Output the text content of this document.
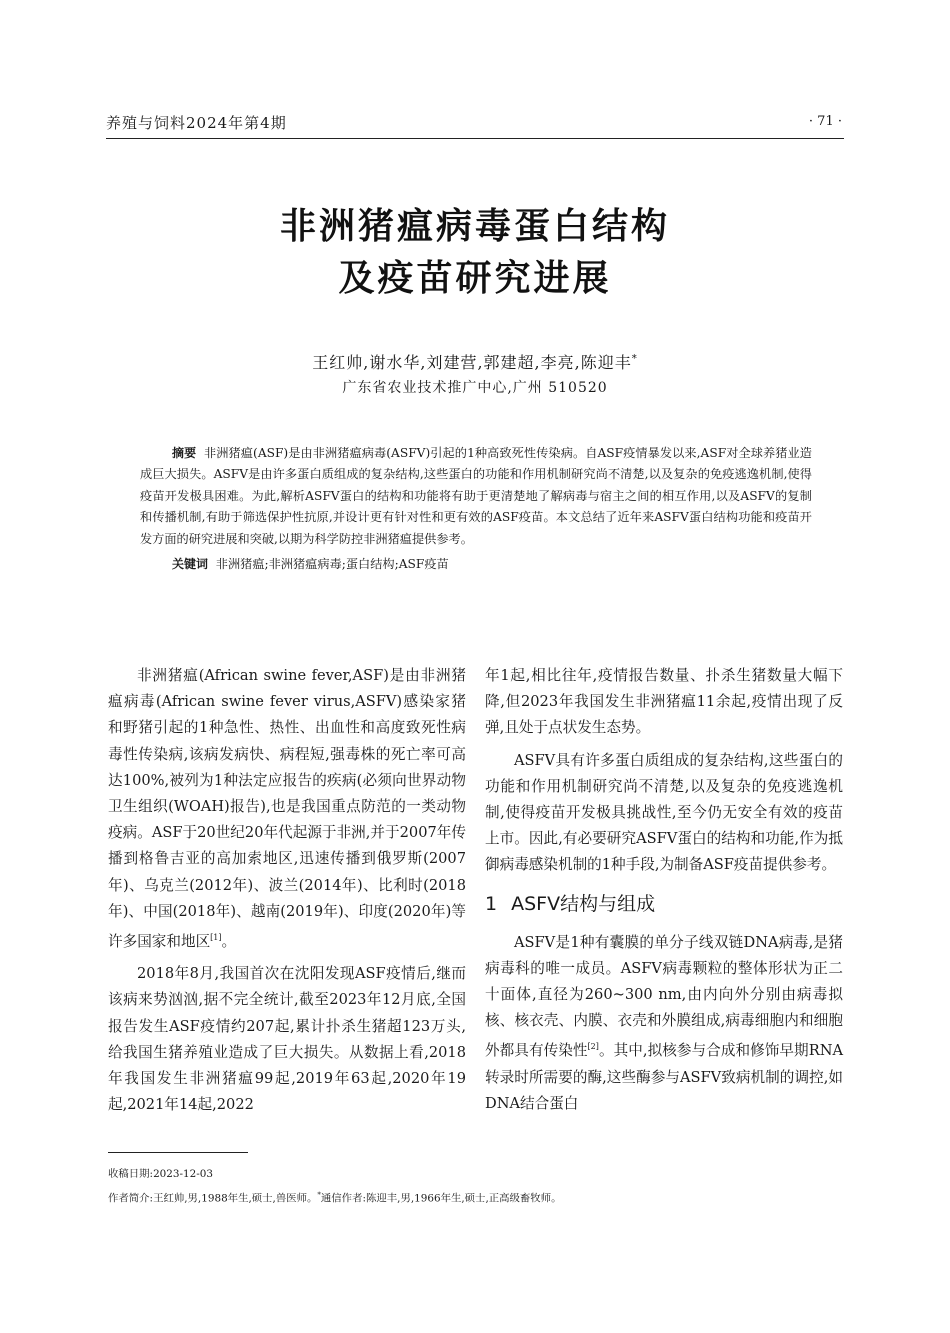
养殖与饲料2024年第4期	· 71 ·
非洲猪瘟病毒蛋白结构
及疫苗研究进展
王红帅,谢水华,刘建营,郭建超,李亮,陈迎丰*
广东省农业技术推广中心,广州 510520
摘要 非洲猪瘟(ASF)是由非洲猪瘟病毒(ASFV)引起的1种高致死性传染病。自ASF疫情暴发以来,ASF对全球养猪业造成巨大损失。ASFV是由许多蛋白质组成的复杂结构,这些蛋白的功能和作用机制研究尚不清楚,以及复杂的免疫逃逸机制,使得疫苗开发极具困难。为此,解析ASFV蛋白的结构和功能将有助于更清楚地了解病毒与宿主之间的相互作用,以及ASFV的复制和传播机制,有助于筛选保护性抗原,并设计更有针对性和更有效的ASF疫苗。本文总结了近年来ASFV蛋白结构功能和疫苗开发方面的研究进展和突破,以期为科学防控非洲猪瘟提供参考。
关键词 非洲猪瘟;非洲猪瘟病毒;蛋白结构;ASF疫苗

非洲猪瘟(African swine fever,ASF)是由非洲猪瘟病毒(African swine fever virus,ASFV)感染家猪和野猪引起的1种急性、热性、出血性和高度致死性病毒性传染病,该病发病快、病程短,强毒株的死亡率可高达100%,被列为1种法定应报告的疾病(必须向世界动物卫生组织(WOAH)报告),也是我国重点防范的一类动物疫病。ASF于20世纪20年代起源于非洲,并于2007年传播到格鲁吉亚的高加索地区,迅速传播到俄罗斯(2007年)、乌克兰(2012年)、波兰(2014年)、比利时(2018年)、中国(2018年)、越南(2019年)、印度(2020年)等许多国家和地区[1]。

2018年8月,我国首次在沈阳发现ASF疫情后,继而该病来势汹汹,据不完全统计,截至2023年12月底,全国报告发生ASF疫情约207起,累计扑杀生猪超123万头,给我国生猪养殖业造成了巨大损失。从数据上看,2018年我国发生非洲猪瘟99起,2019年63起,2020年19起,2021年14起,2022

年1起,相比往年,疫情报告数量、扑杀生猪数量大幅下降,但2023年我国发生非洲猪瘟11余起,疫情出现了反弹,且处于点状发生态势。

ASFV具有许多蛋白质组成的复杂结构,这些蛋白的功能和作用机制研究尚不清楚,以及复杂的免疫逃逸机制,使得疫苗开发极具挑战性,至今仍无安全有效的疫苗上市。因此,有必要研究ASFV蛋白的结构和功能,作为抵御病毒感染机制的1种手段,为制备ASF疫苗提供参考。

1 ASFV结构与组成

ASFV是1种有囊膜的单分子线双链DNA病毒,是猪病毒科的唯一成员。ASFV病毒颗粒的整体形状为正二十面体,直径为260~300 nm,由内向外分别由病毒拟核、核衣壳、内膜、衣壳和外膜组成,病毒细胞内和细胞外都具有传染性[2]。其中,拟核参与合成和修饰早期RNA转录时所需要的酶,这些酶参与ASFV致病机制的调控,如DNA结合蛋白

收稿日期:2023-12-03
作者简介:王红帅,男,1988年生,硕士,兽医师。*通信作者:陈迎丰,男,1966年生,硕士,正高级畜牧师。
